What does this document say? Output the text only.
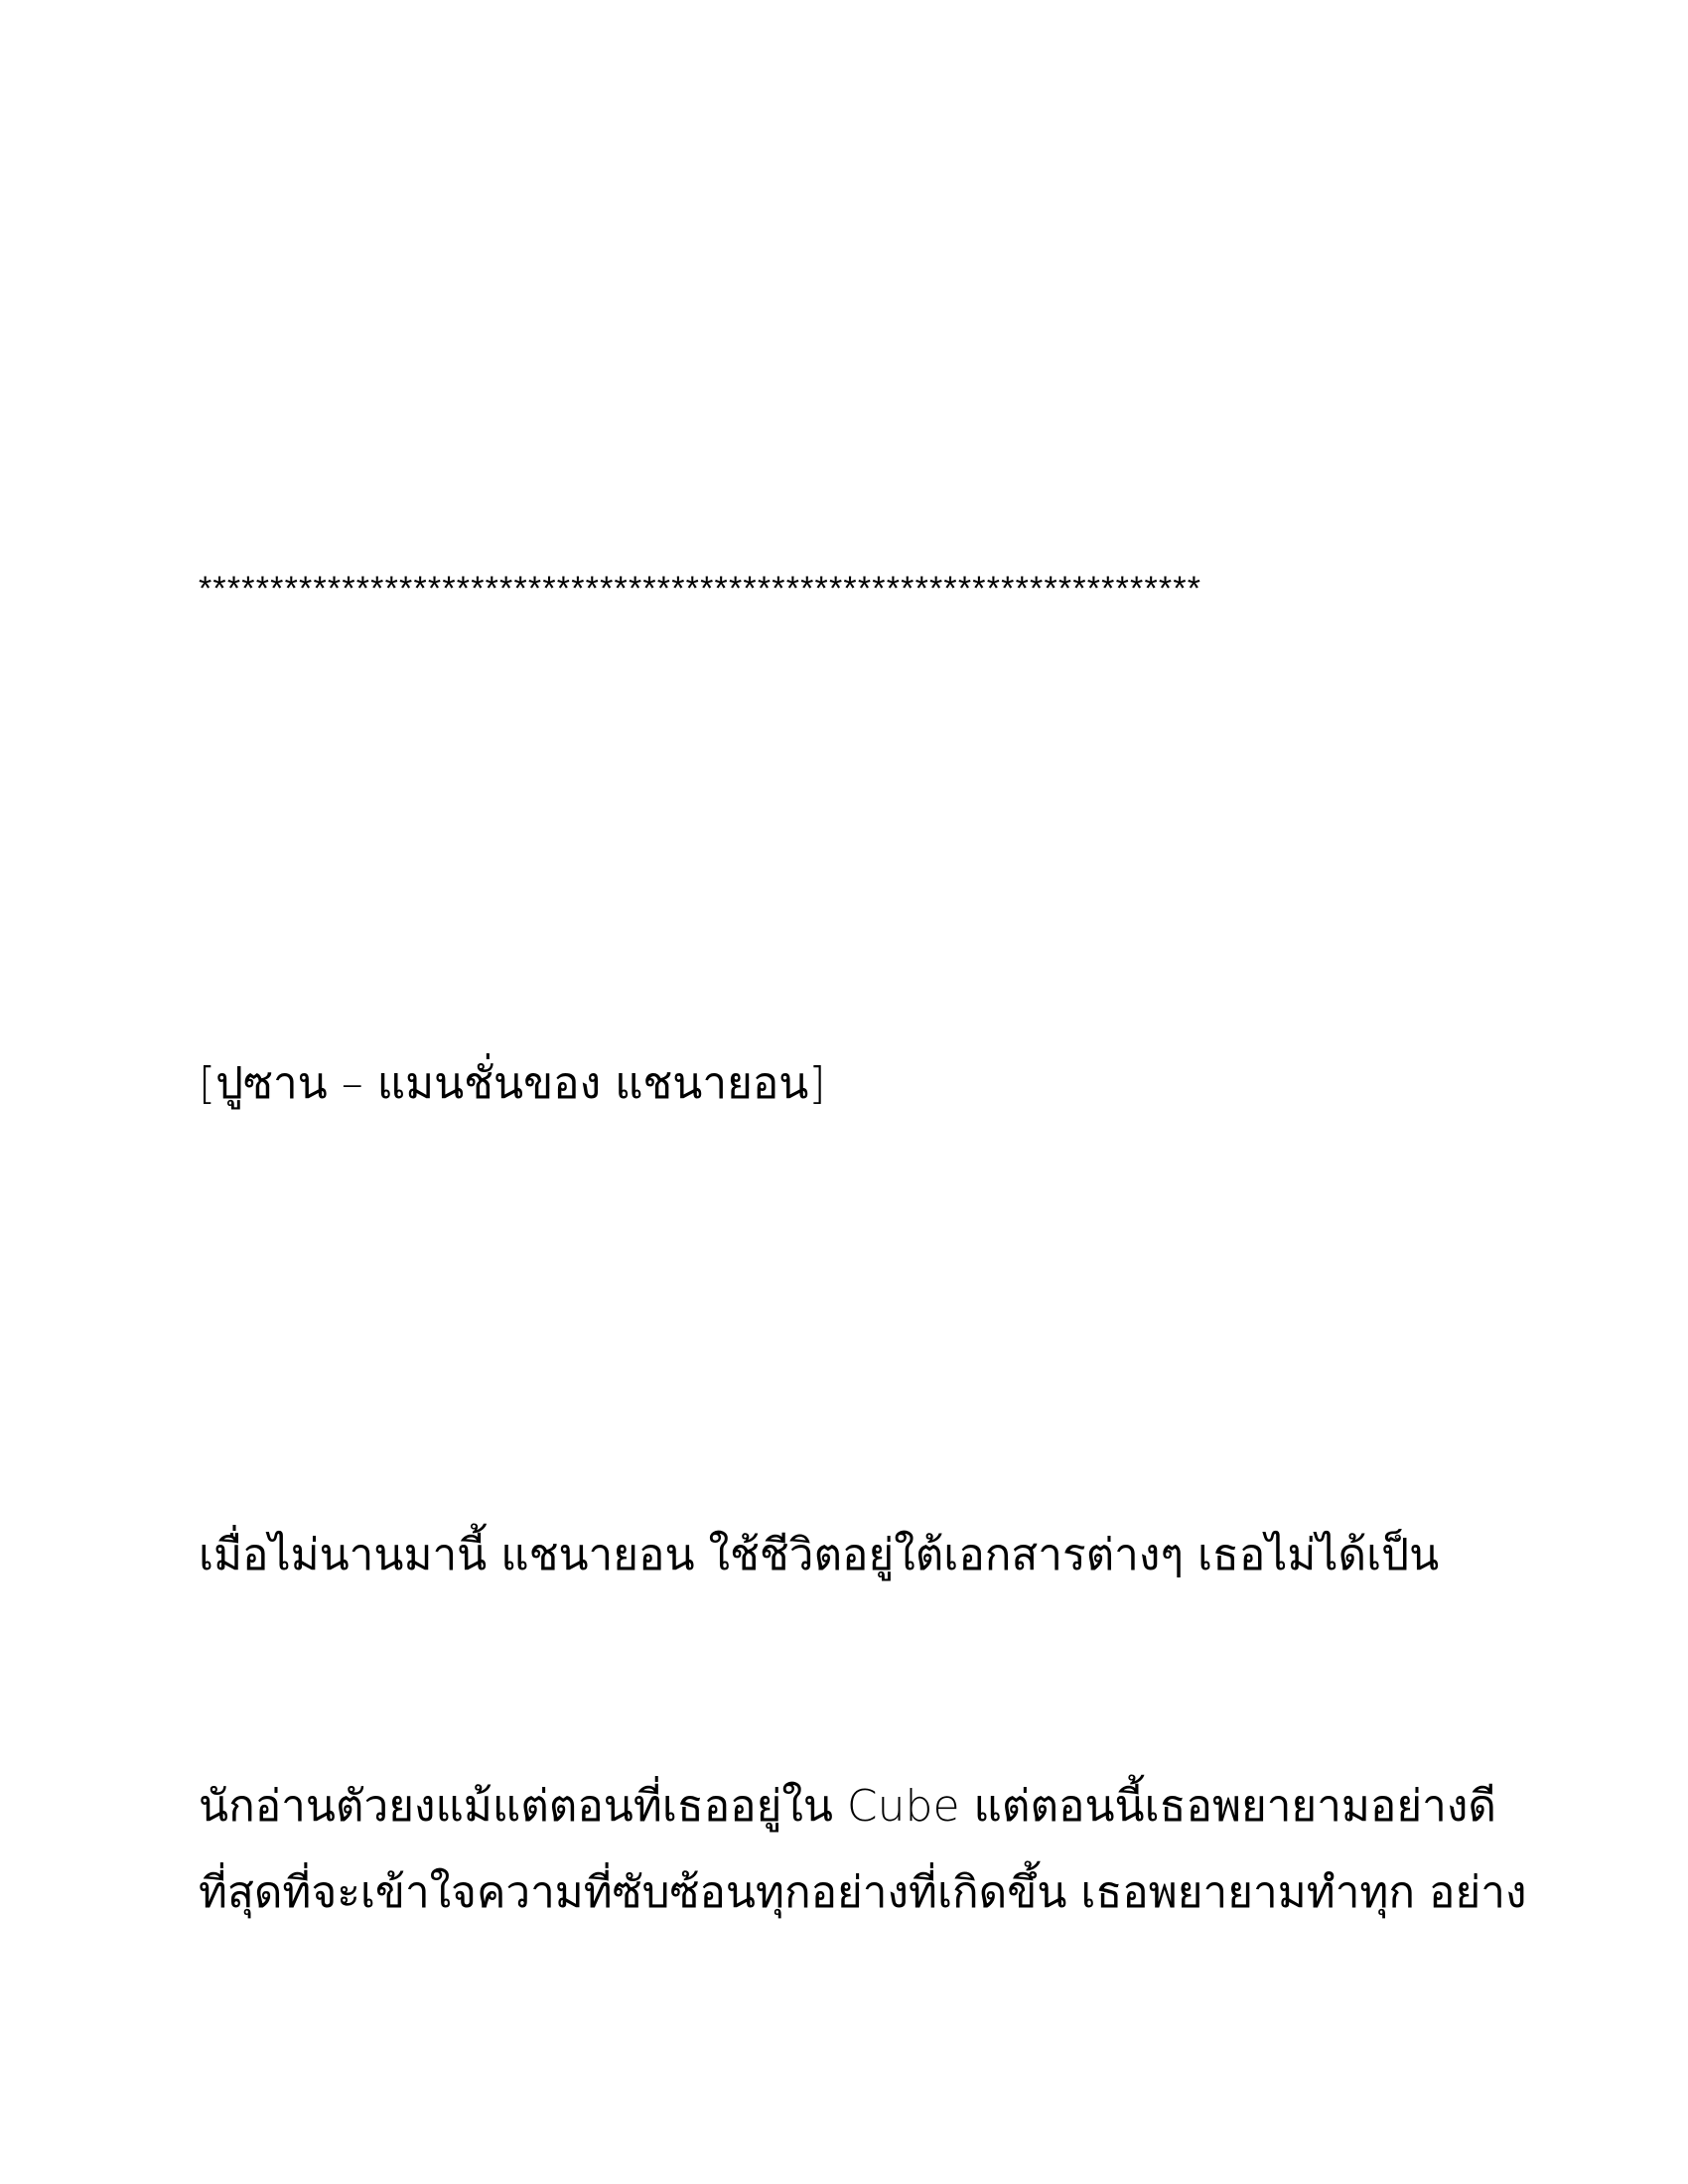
**********************************************************************
[ปูซาน – แมนชั่นของ แชนายอน]
เมื่อไม่นานมานี้ แชนายอน ใช้ชีวิตอยู่ใต้เอกสารต่างๆ เธอไม่ได้เป็น
นักอ่านตัวยงแม้แต่ตอนที่เธออยู่ใน Cube แต่ตอนนี้เธอพยายามอย่างดี
ที่สุดที่จะเข้าใจความที่ซับซ้อนทุกอย่างที่เกิดขึ้น เธอพยายามทำทุก อย่าง
